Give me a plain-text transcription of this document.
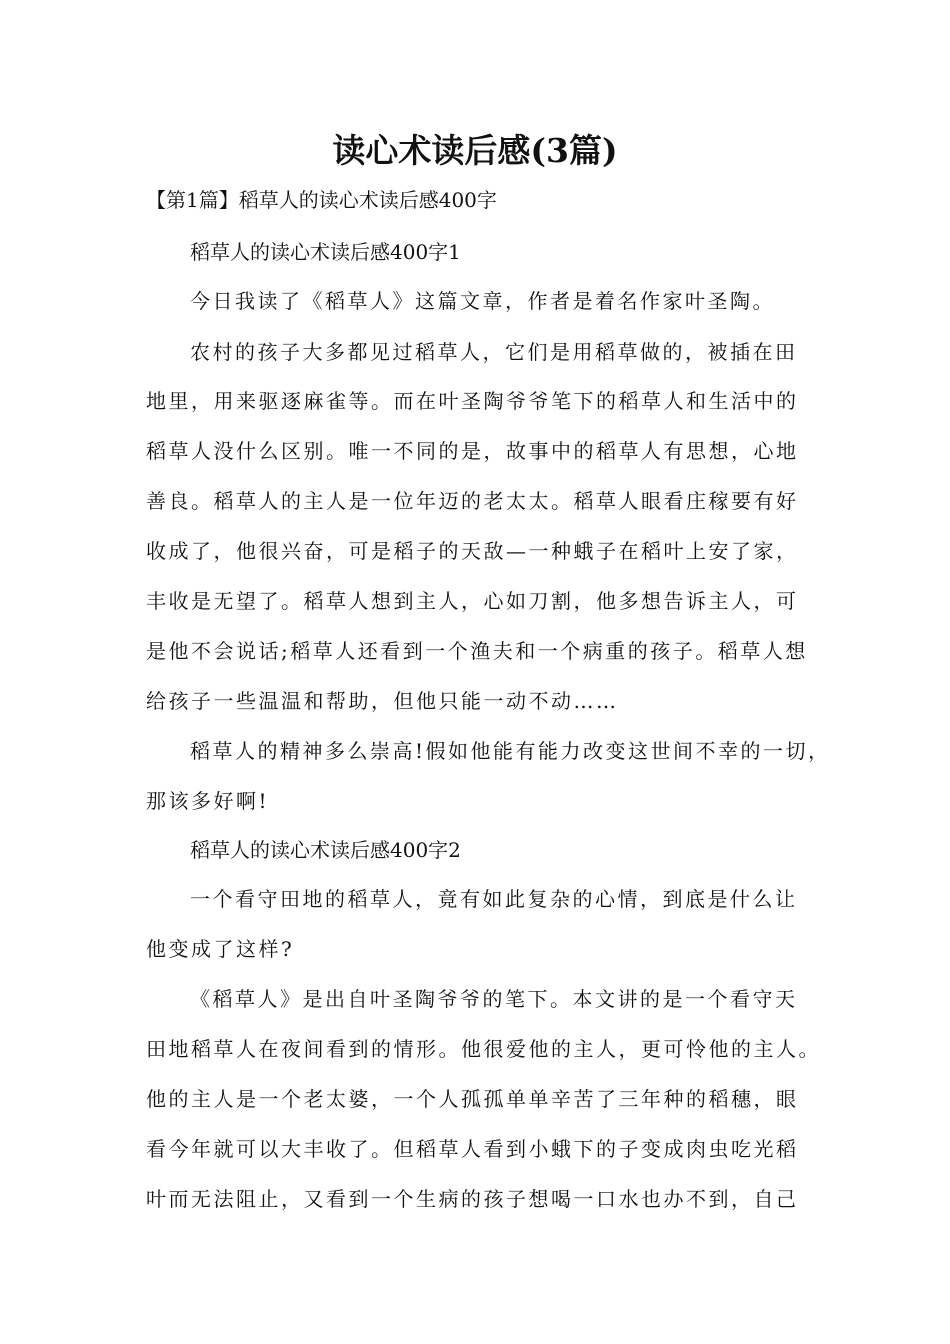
读心术读后感(3篇)
【第1篇】稻草人的读心术读后感400字
稻草人的读心术读后感400字1
今日我读了《稻草人》这篇文章，作者是着名作家叶圣陶。
农村的孩子大多都见过稻草人，它们是用稻草做的，被插在田
地里，用来驱逐麻雀等。而在叶圣陶爷爷笔下的稻草人和生活中的
稻草人没什么区别。唯一不同的是，故事中的稻草人有思想，心地
善良。稻草人的主人是一位年迈的老太太。稻草人眼看庄稼要有好
收成了，他很兴奋，可是稻子的天敌—一种蛾子在稻叶上安了家，
丰收是无望了。稻草人想到主人，心如刀割，他多想告诉主人，可
是他不会说话;稻草人还看到一个渔夫和一个病重的孩子。稻草人想
给孩子一些温温和帮助，但他只能一动不动……
稻草人的精神多么崇高!假如他能有能力改变这世间不幸的一切，
那该多好啊!
稻草人的读心术读后感400字2
一个看守田地的稻草人，竟有如此复杂的心情，到底是什么让
他变成了这样?
《稻草人》是出自叶圣陶爷爷的笔下。本文讲的是一个看守天
田地稻草人在夜间看到的情形。他很爱他的主人，更可怜他的主人。
他的主人是一个老太婆，一个人孤孤单单辛苦了三年种的稻穗，眼
看今年就可以大丰收了。但稻草人看到小蛾下的子变成肉虫吃光稻
叶而无法阻止，又看到一个生病的孩子想喝一口水也办不到，自己
